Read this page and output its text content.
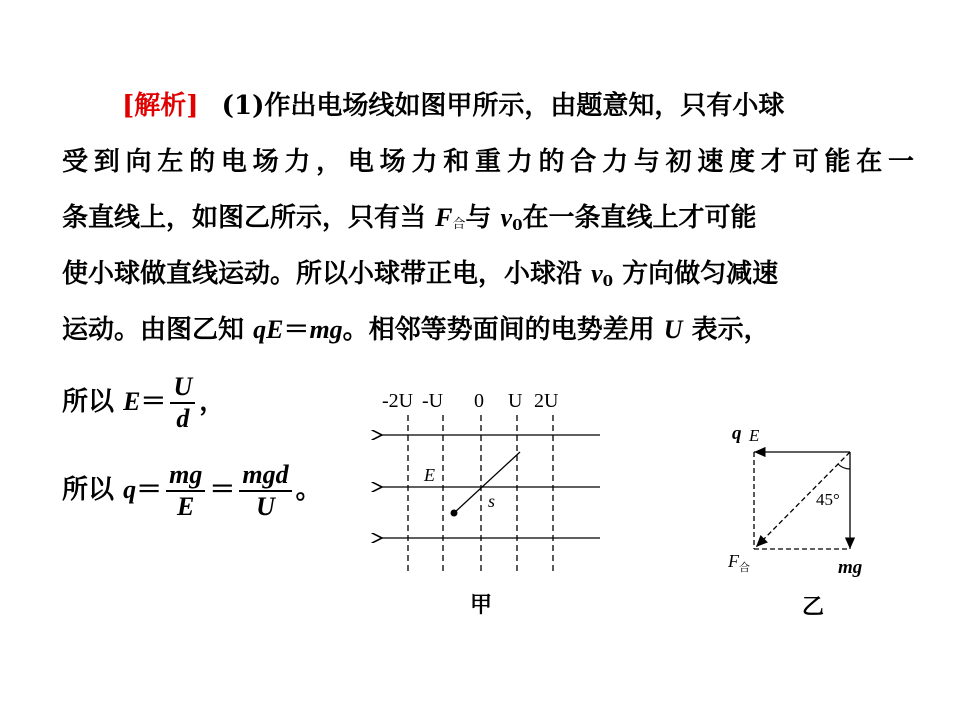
[解析] (1)作出电场线如图甲所示，由题意知，只有小球
受到向左的电场力，电场力和重力的合力与初速度才可能在一
条直线上，如图乙所示，只有当 F合与 $v_0$在一条直线上才可能
使小球做直线运动。所以小球带正电，小球沿 $v_0$ 方向做匀减速
运动。由图乙知 qE＝mg。相邻等势面间的电势差用 U 表示，
所以 $E= \frac{U}{d}$ ，
所以 $q= \frac{mg}{E} = \frac{\text{mgd}}{U}$ 。
-2U -U 0 U 2U
E
s
甲
q E
45°
F 合	mg
乙
